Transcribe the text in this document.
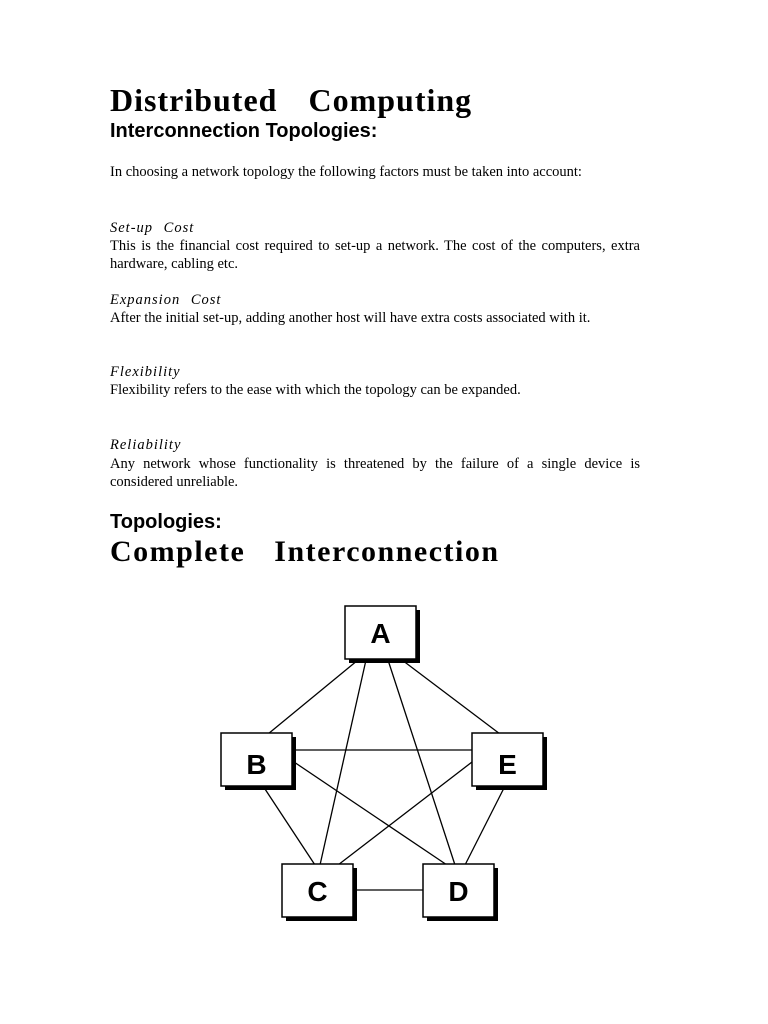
Distributed Computing
Interconnection Topologies:

In choosing a network topology the following factors must be taken into account:

Set-up Cost

This is the financial cost required to set-up a network. The cost of the computers, extra hardware, cabling etc.

Expansion Cost

After the initial set-up, adding another host will have extra costs associated with it.

Flexibility

Flexibility refers to the ease with which the topology can be expanded.

Reliability

Any network whose functionality is threatened by the failure of a single device is considered unreliable.

Topologies:
Complete Interconnection
A
B	E
C	D
